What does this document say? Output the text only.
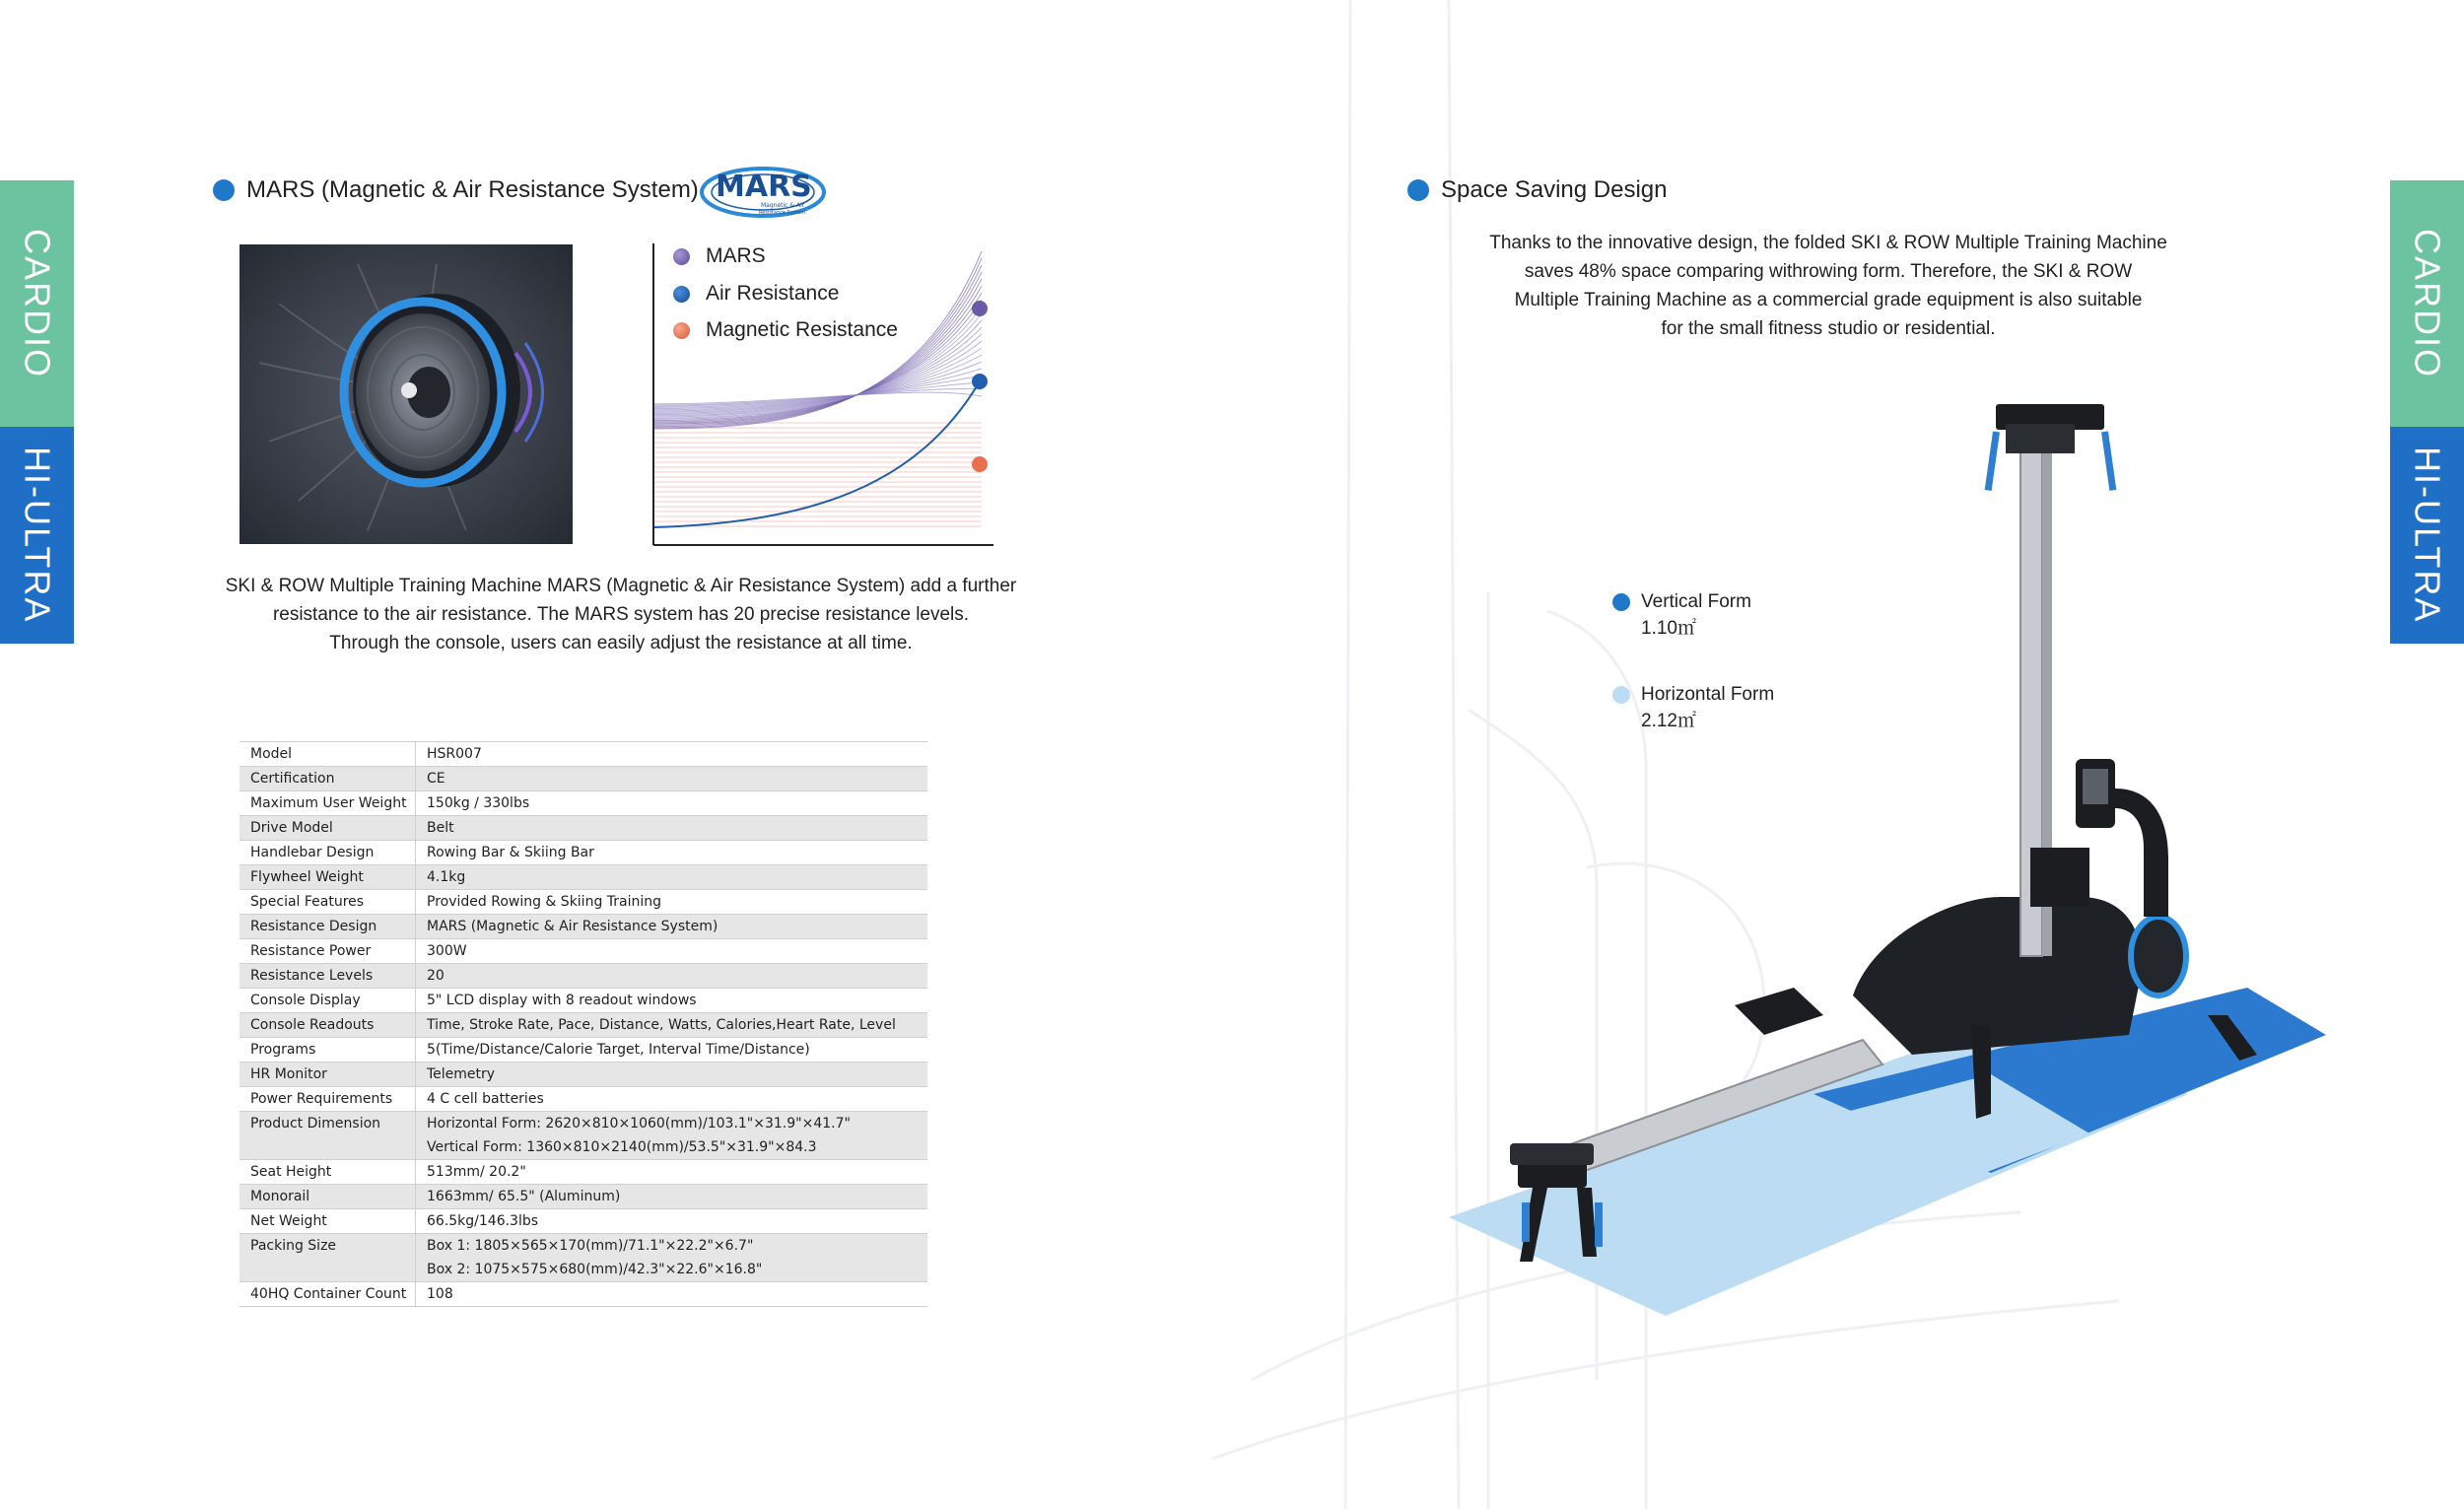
CARDIO
HI-ULTRA
CARDIO
HI-ULTRA
MARS (Magnetic & Air Resistance System) MARS
Magnetic & Air
Resistance System
MARS
Air Resistance
Magnetic Resistance
SKI & ROW Multiple Training Machine MARS (Magnetic & Air Resistance System) add a further
resistance to the air resistance. The MARS system has 20 precise resistance levels.
Through the console, users can easily adjust the resistance at all time.
Model	HSR007

Certification	CE

Maximum User Weight	150kg / 330lbs

Drive Model	Belt

Handlebar Design	Rowing Bar & Skiing Bar

Flywheel Weight	4.1kg

Special Features	Provided Rowing & Skiing Training

Resistance Design	MARS (Magnetic & Air Resistance System)

Resistance Power	300W

Resistance Levels	20

Console Display	5" LCD display with 8 readout windows

Console Readouts	Time, Stroke Rate, Pace, Distance, Watts, Calories,Heart Rate, Level

Programs	5(Time/Distance/Calorie Target, Interval Time/Distance)

HR Monitor	Telemetry

Power Requirements	4 C cell batteries

Product Dimension	Horizontal Form: 2620×810×1060(mm)/103.1"×31.9"×41.7"
Vertical Form: 1360×810×2140(mm)/53.5"×31.9"×84.3

Seat Height	513mm/ 20.2"

Monorail	1663mm/ 65.5" (Aluminum)

Net Weight	66.5kg/146.3lbs

Packing Size	Box 1: 1805×565×170(mm)/71.1"×22.2"×6.7"
Box 2: 1075×575×680(mm)/42.3"×22.6"×16.8"

40HQ Container Count	108
Space Saving Design
Thanks to the innovative design, the folded SKI & ROW Multiple Training Machine
saves 48% space comparing withrowing form. Therefore, the SKI & ROW
Multiple Training Machine as a commercial grade equipment is also suitable
for the small fitness studio or residential.
Vertical Form
1.10㎡
Horizontal Form
2.12㎡
